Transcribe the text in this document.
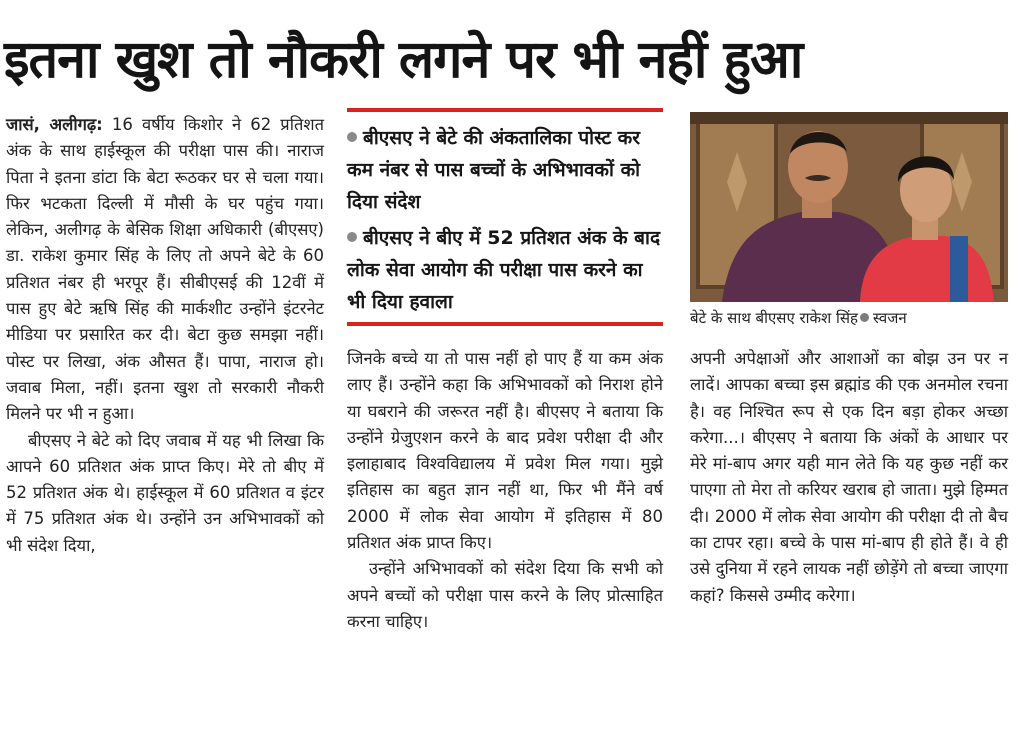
इतना खुश तो नौकरी लगने पर भी नहीं हुआ

जासं, अलीगढ़: 16 वर्षीय किशोर ने 62 प्रतिशत अंक के साथ हाईस्कूल की परीक्षा पास की। नाराज पिता ने इतना डांटा कि बेटा रूठकर घर से चला गया। फिर भटकता दिल्ली में मौसी के घर पहुंच गया। लेकिन, अलीगढ़ के बेसिक शिक्षा अधिकारी (बीएसए) डा. राकेश कुमार सिंह के लिए तो अपने बेटे के 60 प्रतिशत नंबर ही भरपूर हैं। सीबीएसई की 12वीं में पास हुए बेटे ऋषि सिंह की मार्कशीट उन्होंने इंटरनेट मीडिया पर प्रसारित कर दी। बेटा कुछ समझा नहीं। पोस्ट पर लिखा, अंक औसत हैं। पापा, नाराज हो। जवाब मिला, नहीं। इतना खुश तो सरकारी नौकरी मिलने पर भी न हुआ।

बीएसए ने बेटे को दिए जवाब में यह भी लिखा कि आपने 60 प्रतिशत अंक प्राप्त किए। मेरे तो बीए में 52 प्रतिशत अंक थे। हाईस्कूल में 60 प्रतिशत व इंटर में 75 प्रतिशत अंक थे। उन्होंने उन अभिभावकों को भी संदेश दिया,

बीएसए ने बेटे की अंकतालिका पोस्ट कर कम नंबर से पास बच्चों के अभिभावकों को दिया संदेश
बीएसए ने बीए में 52 प्रतिशत अंक के बाद लोक सेवा आयोग की परीक्षा पास करने का भी दिया हवाला

जिनके बच्चे या तो पास नहीं हो पाए हैं या कम अंक लाए हैं। उन्होंने कहा कि अभिभावकों को निराश होने या घबराने की जरूरत नहीं है। बीएसए ने बताया कि उन्होंने ग्रेजुएशन करने के बाद प्रवेश परीक्षा दी और इलाहाबाद विश्वविद्यालय में प्रवेश मिल गया। मुझे इतिहास का बहुत ज्ञान नहीं था, फिर भी मैंने वर्ष 2000 में लोक सेवा आयोग में इतिहास में 80 प्रतिशत अंक प्राप्त किए।

उन्होंने अभिभावकों को संदेश दिया कि सभी को अपने बच्चों को परीक्षा पास करने के लिए प्रोत्साहित करना चाहिए।

बेटे के साथ बीएसए राकेश सिंह स्वजन

अपनी अपेक्षाओं और आशाओं का बोझ उन पर न लादें। आपका बच्चा इस ब्रह्मांड की एक अनमोल रचना है। वह निश्चित रूप से एक दिन बड़ा होकर अच्छा करेगा...। बीएसए ने बताया कि अंकों के आधार पर मेरे मां-बाप अगर यही मान लेते कि यह कुछ नहीं कर पाएगा तो मेरा तो करियर खराब हो जाता। मुझे हिम्मत दी। 2000 में लोक सेवा आयोग की परीक्षा दी तो बैच का टापर रहा। बच्चे के पास मां-बाप ही होते हैं। वे ही उसे दुनिया में रहने लायक नहीं छोड़ेंगे तो बच्चा जाएगा कहां? किससे उम्मीद करेगा।
